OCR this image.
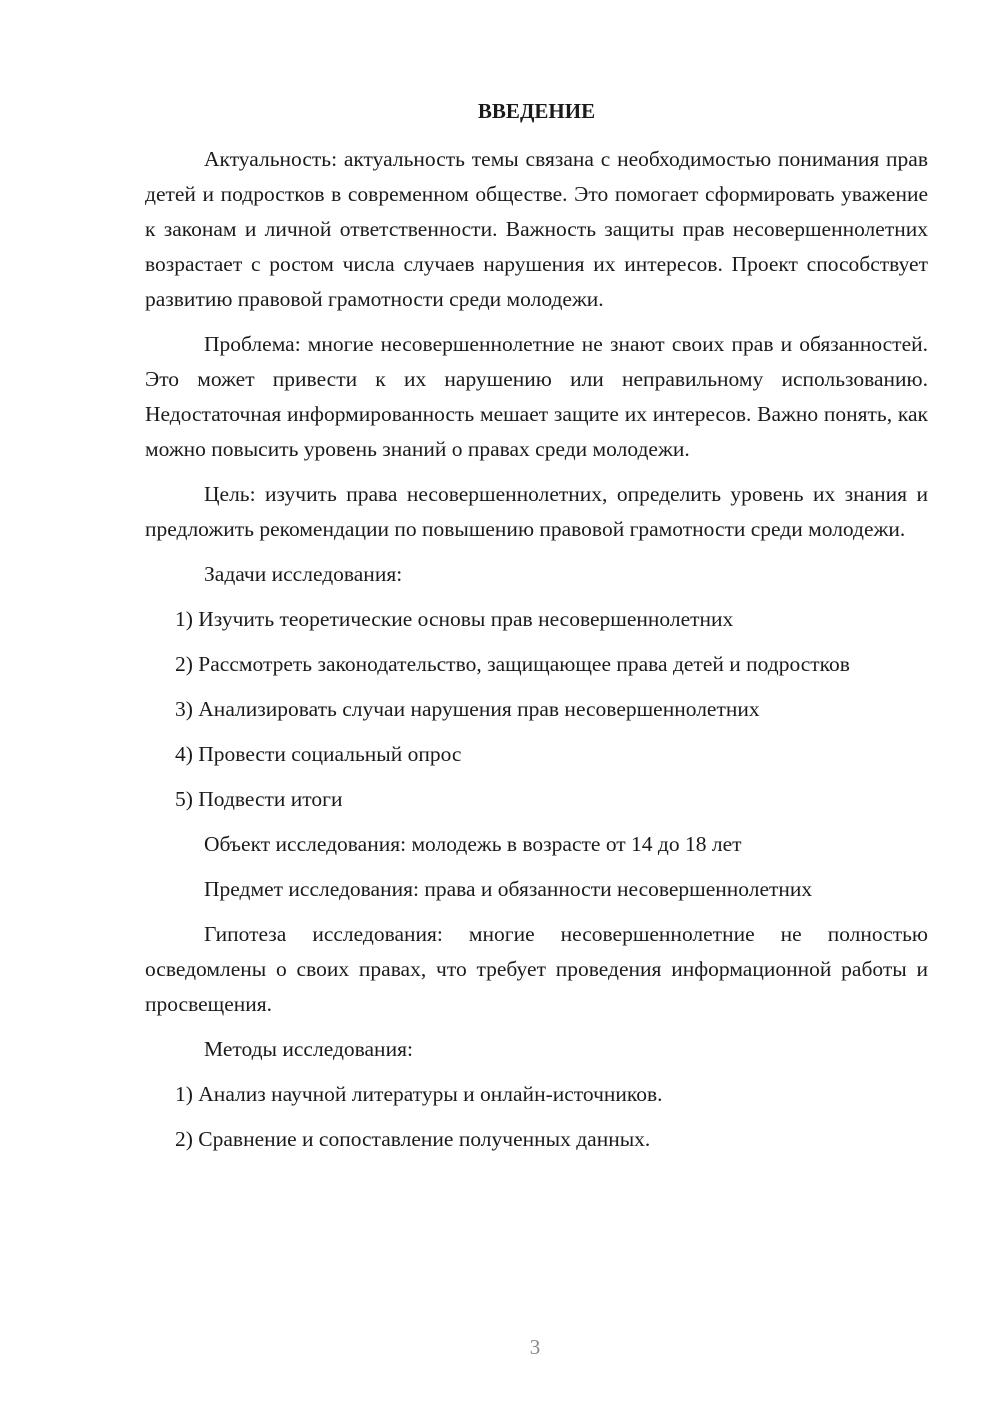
ВВЕДЕНИЕ

Актуальность: актуальность темы связана с необходимостью понимания прав детей и подростков в современном обществе. Это помогает сформировать уважение к законам и личной ответственности. Важность защиты прав несовершеннолетних возрастает с ростом числа случаев нарушения их интересов. Проект способствует развитию правовой грамотности среди молодежи.

Проблема: многие несовершеннолетние не знают своих прав и обязанностей. Это может привести к их нарушению или неправильному использованию. Недостаточная информированность мешает защите их интересов. Важно понять, как можно повысить уровень знаний о правах среди молодежи.

Цель: изучить права несовершеннолетних, определить уровень их знания и предложить рекомендации по повышению правовой грамотности среди молодежи.

Задачи исследования:

1) Изучить теоретические основы прав несовершеннолетних

2) Рассмотреть законодательство, защищающее права детей и подростков

3) Анализировать случаи нарушения прав несовершеннолетних

4) Провести социальный опрос

5) Подвести итоги

Объект исследования: молодежь в возрасте от 14 до 18 лет

Предмет исследования: права и обязанности несовершеннолетних

Гипотеза исследования: многие несовершеннолетние не полностью осведомлены о своих правах, что требует проведения информационной работы и просвещения.

Методы исследования:

1) Анализ научной литературы и онлайн-источников.

2) Сравнение и сопоставление полученных данных.

3
